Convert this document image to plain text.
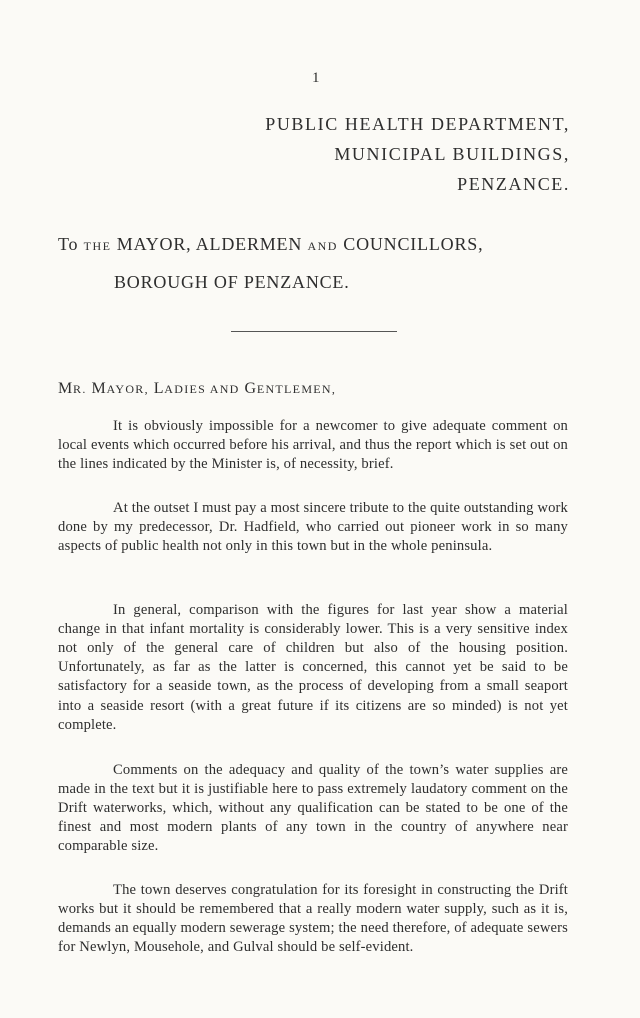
1
PUBLIC HEALTH DEPARTMENT,
MUNICIPAL BUILDINGS,
PENZANCE.
To THE MAYOR, ALDERMEN AND COUNCILLORS,
BOROUGH OF PENZANCE.
MR. MAYOR, LADIES AND GENTLEMEN,

It is obviously impossible for a newcomer to give adequate comment on local events which occurred before his arrival, and thus the report which is set out on the lines indicated by the Minister is, of necessity, brief.

At the outset I must pay a most sincere tribute to the quite outstanding work done by my predecessor, Dr. Hadfield, who carried out pioneer work in so many aspects of public health not only in this town but in the whole peninsula.

In general, comparison with the figures for last year show a material change in that infant mortality is considerably lower. This is a very sensitive index not only of the general care of children but also of the housing position. Unfortunately, as far as the latter is concerned, this cannot yet be said to be satisfactory for a seaside town, as the process of developing from a small seaport into a seaside resort (with a great future if its citizens are so minded) is not yet complete.

Comments on the adequacy and quality of the town’s water supplies are made in the text but it is justifiable here to pass extremely laudatory comment on the Drift waterworks, which, without any qualification can be stated to be one of the finest and most modern plants of any town in the country of anywhere near comparable size.

The town deserves congratulation for its foresight in constructing the Drift works but it should be remembered that a really modern water supply, such as it is, demands an equally modern sewerage system; the need therefore, of adequate sewers for Newlyn, Mousehole, and Gulval should be self-evident.
